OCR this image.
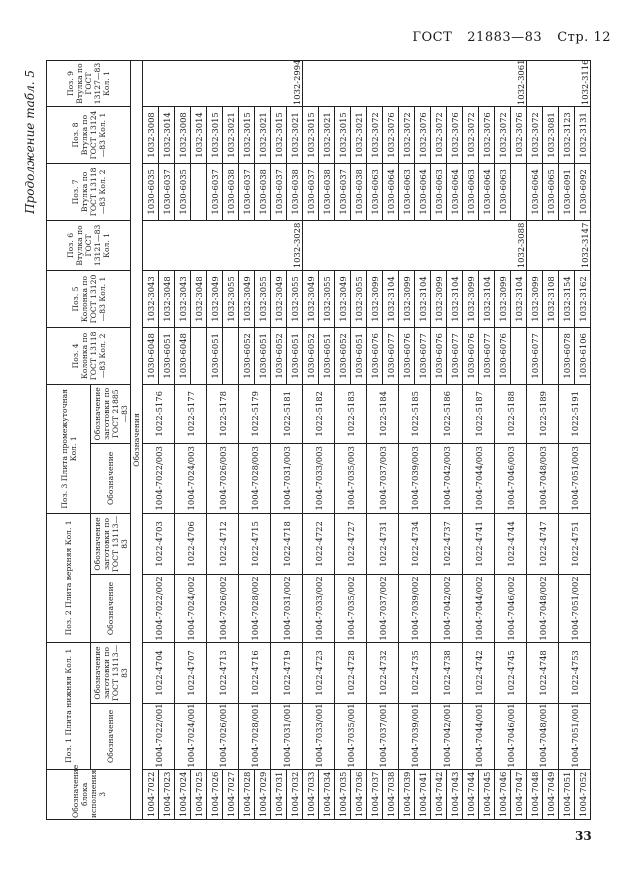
ГОСТ 21883—83 Стр. 12
Продолжение табл. 5
Обозначение блока исполнения 3	Поз. 1 Плита нижняя Кол. 1		Поз. 2 Плита верхняя Кол. 1		Поз. 3 Плита промежуточная Кол. 1		Поз. 4 Колонка по ГОСТ 13118—83 Кол. 2	Поз. 5 Колонка по ГОСТ 13120—83 Кол. 1	Поз. 6 Втулка по ГОСТ 13121—83 Кол. 1	Поз. 7 Втулка по ГОСТ 13118—83 Кол. 2	Поз. 8 Втулка по ГОСТ 13124—83 Кол. 1	Поз. 9 Втулка по ГОСТ 13127—83 Кол. 1
	Обозначение	Обозначение заготовки по ГОСТ 13113—83	Обозначение	Обозначение заготовки по ГОСТ 13113—83	Обозначение	Обозначение заготовки по ГОСТ 21885—83						
Обозначения												
1004-7022	1004-7022/001	1022-4704	1004-7022/002	1022-4703	1004-7022/003	1022-5176	1030-6048	1032-3043	1032-3028	1030-6035	1032-3008	1032-2994
1004-7023							1030-6051	1032-3048		1030-6037	1032-3014	
1004-7024	1004-7024/001	1022-4707	1004-7024/002	1022-4706	1004-7024/003	1022-5177	1030-6048	1032-3043		1030-6035	1032-3008	
1004-7025								1032-3048			1032-3014	
1004-7026	1004-7026/001	1022-4713	1004-7026/002	1022-4712	1004-7026/003	1022-5178	1030-6051	1032-3049		1030-6037	1032-3015	
1004-7027								1032-3055		1030-6038	1032-3021	
1004-7028	1004-7028/001	1022-4716	1004-7028/002	1022-4715	1004-7028/003	1022-5179	1030-6052	1032-3049		1030-6037	1032-3015	
1004-7029							1030-6051	1032-3055		1030-6038	1032-3021	
1004-7031	1004-7031/001	1022-4719	1004-7031/002	1022-4718	1004-7031/003	1022-5181	1030-6052	1032-3049		1030-6037	1032-3015	
1004-7032							1030-6051	1032-3055		1030-6038	1032-3021	
1004-7033	1004-7033/001	1022-4723	1004-7033/002	1022-4722	1004-7033/003	1022-5182	1030-6052	1032-3049	1032-3088	1030-6037	1032-3015	1032-3061
1004-7034							1030-6051	1032-3055		1030-6038	1032-3021	
1004-7035	1004-7035/001	1022-4728	1004-7035/002	1022-4727	1004-7035/003	1022-5183	1030-6052	1032-3049		1030-6037	1032-3015	
1004-7036							1030-6051	1032-3055		1030-6038	1032-3021	
1004-7037	1004-7037/001	1022-4732	1004-7037/002	1022-4731	1004-7037/003	1022-5184	1030-6076	1032-3099		1030-6063	1032-3072	
1004-7038							1030-6077	1032-3104		1030-6064	1032-3076	
1004-7039	1004-7039/001	1022-4735	1004-7039/002	1022-4734	1004-7039/003	1022-5185	1030-6076	1032-3099		1030-6063	1032-3072	
1004-7041							1030-6077	1032-3104		1030-6064	1032-3076	
1004-7042	1004-7042/001	1022-4738	1004-7042/002	1022-4737	1004-7042/003	1022-5186	1030-6076	1032-3099		1030-6063	1032-3072	
1004-7043							1030-6077	1032-3104		1030-6064	1032-3076	
1004-7044	1004-7044/001	1022-4742	1004-7044/002	1022-4741	1004-7044/003	1022-5187	1030-6076	1032-3099		1030-6063	1032-3072	
1004-7045							1030-6077	1032-3104		1030-6064	1032-3076	
1004-7046	1004-7046/001	1022-4745	1004-7046/002	1022-4744	1004-7046/003	1022-5188	1030-6076	1032-3099		1030-6063	1032-3072	
1004-7047								1032-3104			1032-3076	
1004-7048	1004-7048/001	1022-4748	1004-7048/002	1022-4747	1004-7048/003	1022-5189	1030-6077	1032-3099	1032-3147	1030-6064	1032-3072	1032-3116
1004-7049								1032-3108		1030-6065	1032-3081	
1004-7051	1004-7051/001	1022-4753	1004-7051/002	1022-4751	1004-7051/003	1022-5191	1030-6078	1032-3154		1030-6091	1032-3123	
1004-7052							1030-6106	1032-3162		1030-6092	1032-3131	
33
